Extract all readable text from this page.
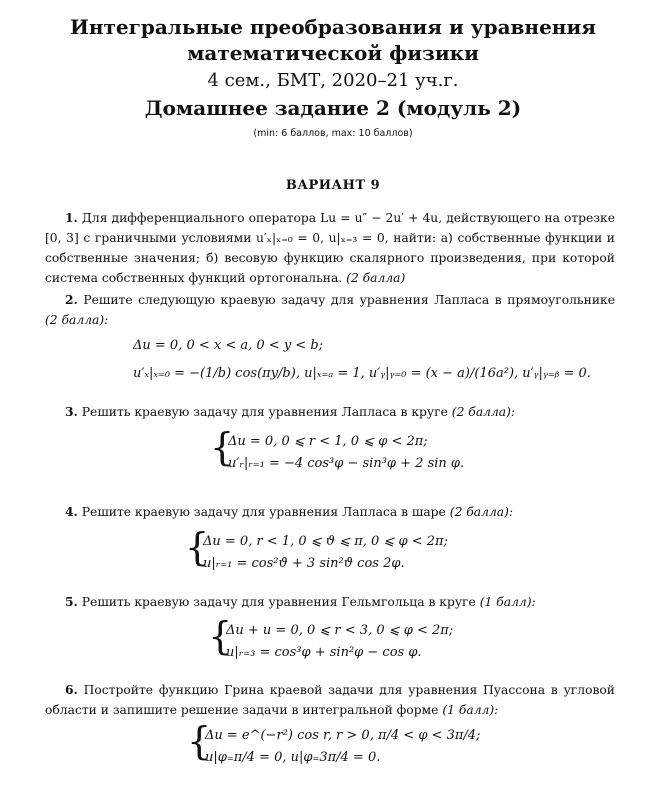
Интегральные преобразования и уравнения
математической физики
4 сем., БМТ, 2020–21 уч.г.
Домашнее задание 2 (модуль 2)
(min: 6 баллов, max: 10 баллов)
ВАРИАНТ 9
1. Для дифференциального оператора Lu = u″ − 2u′ + 4u, действующего на отрезке [0, 3] с граничными условиями u′ₓ|ₓ₌₀ = 0, u|ₓ₌₃ = 0, найти: а) собственные функции и собственные значения; б) весовую функцию скалярного произведения, при которой система собственных функций ортогональна. (2 балла)
2. Решите следующую краевую задачу для уравнения Лапласа в прямоугольнике (2 балла):
Δu = 0, 0 < x < a, 0 < y < b;
u′ₓ|ₓ₌₀ = −(1/b) cos(πy/b), u|ₓ₌ₐ = 1, u′ᵧ|ᵧ₌₀ = (x − a)/(16a²), u′ᵧ|ᵧ₌ᵦ = 0.
3. Решить краевую задачу для уравнения Лапласа в круге (2 балла):
{
Δu = 0, 0 ⩽ r < 1, 0 ⩽ φ < 2π;
u′ᵣ|ᵣ₌₁ = −4 cos³φ − sin³φ + 2 sin φ.
4. Решите краевую задачу для уравнения Лапласа в шаре (2 балла):
{
Δu = 0, r < 1, 0 ⩽ ϑ ⩽ π, 0 ⩽ φ < 2π;
u|ᵣ₌₁ = cos²ϑ + 3 sin²ϑ cos 2φ.
5. Решить краевую задачу для уравнения Гельмгольца в круге (1 балл):
{
Δu + u = 0, 0 ⩽ r < 3, 0 ⩽ φ < 2π;
u|ᵣ₌₃ = cos³φ + sin²φ − cos φ.
6. Постройте функцию Грина краевой задачи для уравнения Пуассона в угловой области и запишите решение задачи в интегральной форме (1 балл):
{
Δu = e^(−r²) cos r, r > 0, π/4 < φ < 3π/4;
u|φ₌π/4 = 0, u|φ₌3π/4 = 0.
